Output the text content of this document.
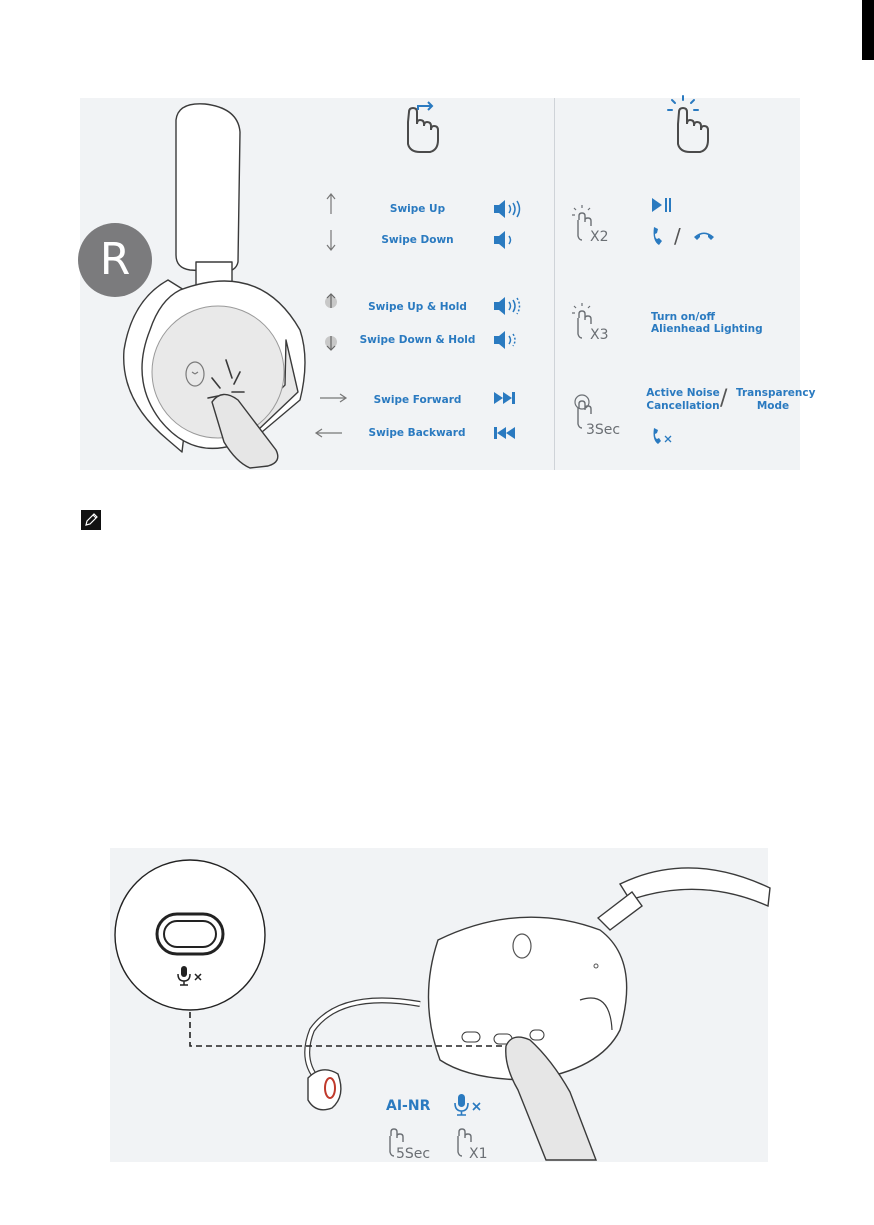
R
Swipe Up
Swipe Down
Swipe Up & Hold
Swipe Down & Hold
Swipe Forward
Swipe Backward
X2
X3
3Sec
/
Turn on/off
Alienhead Lighting
Active Noise
Cancellation / Transparency
Mode
AI-NR
5Sec	X1
